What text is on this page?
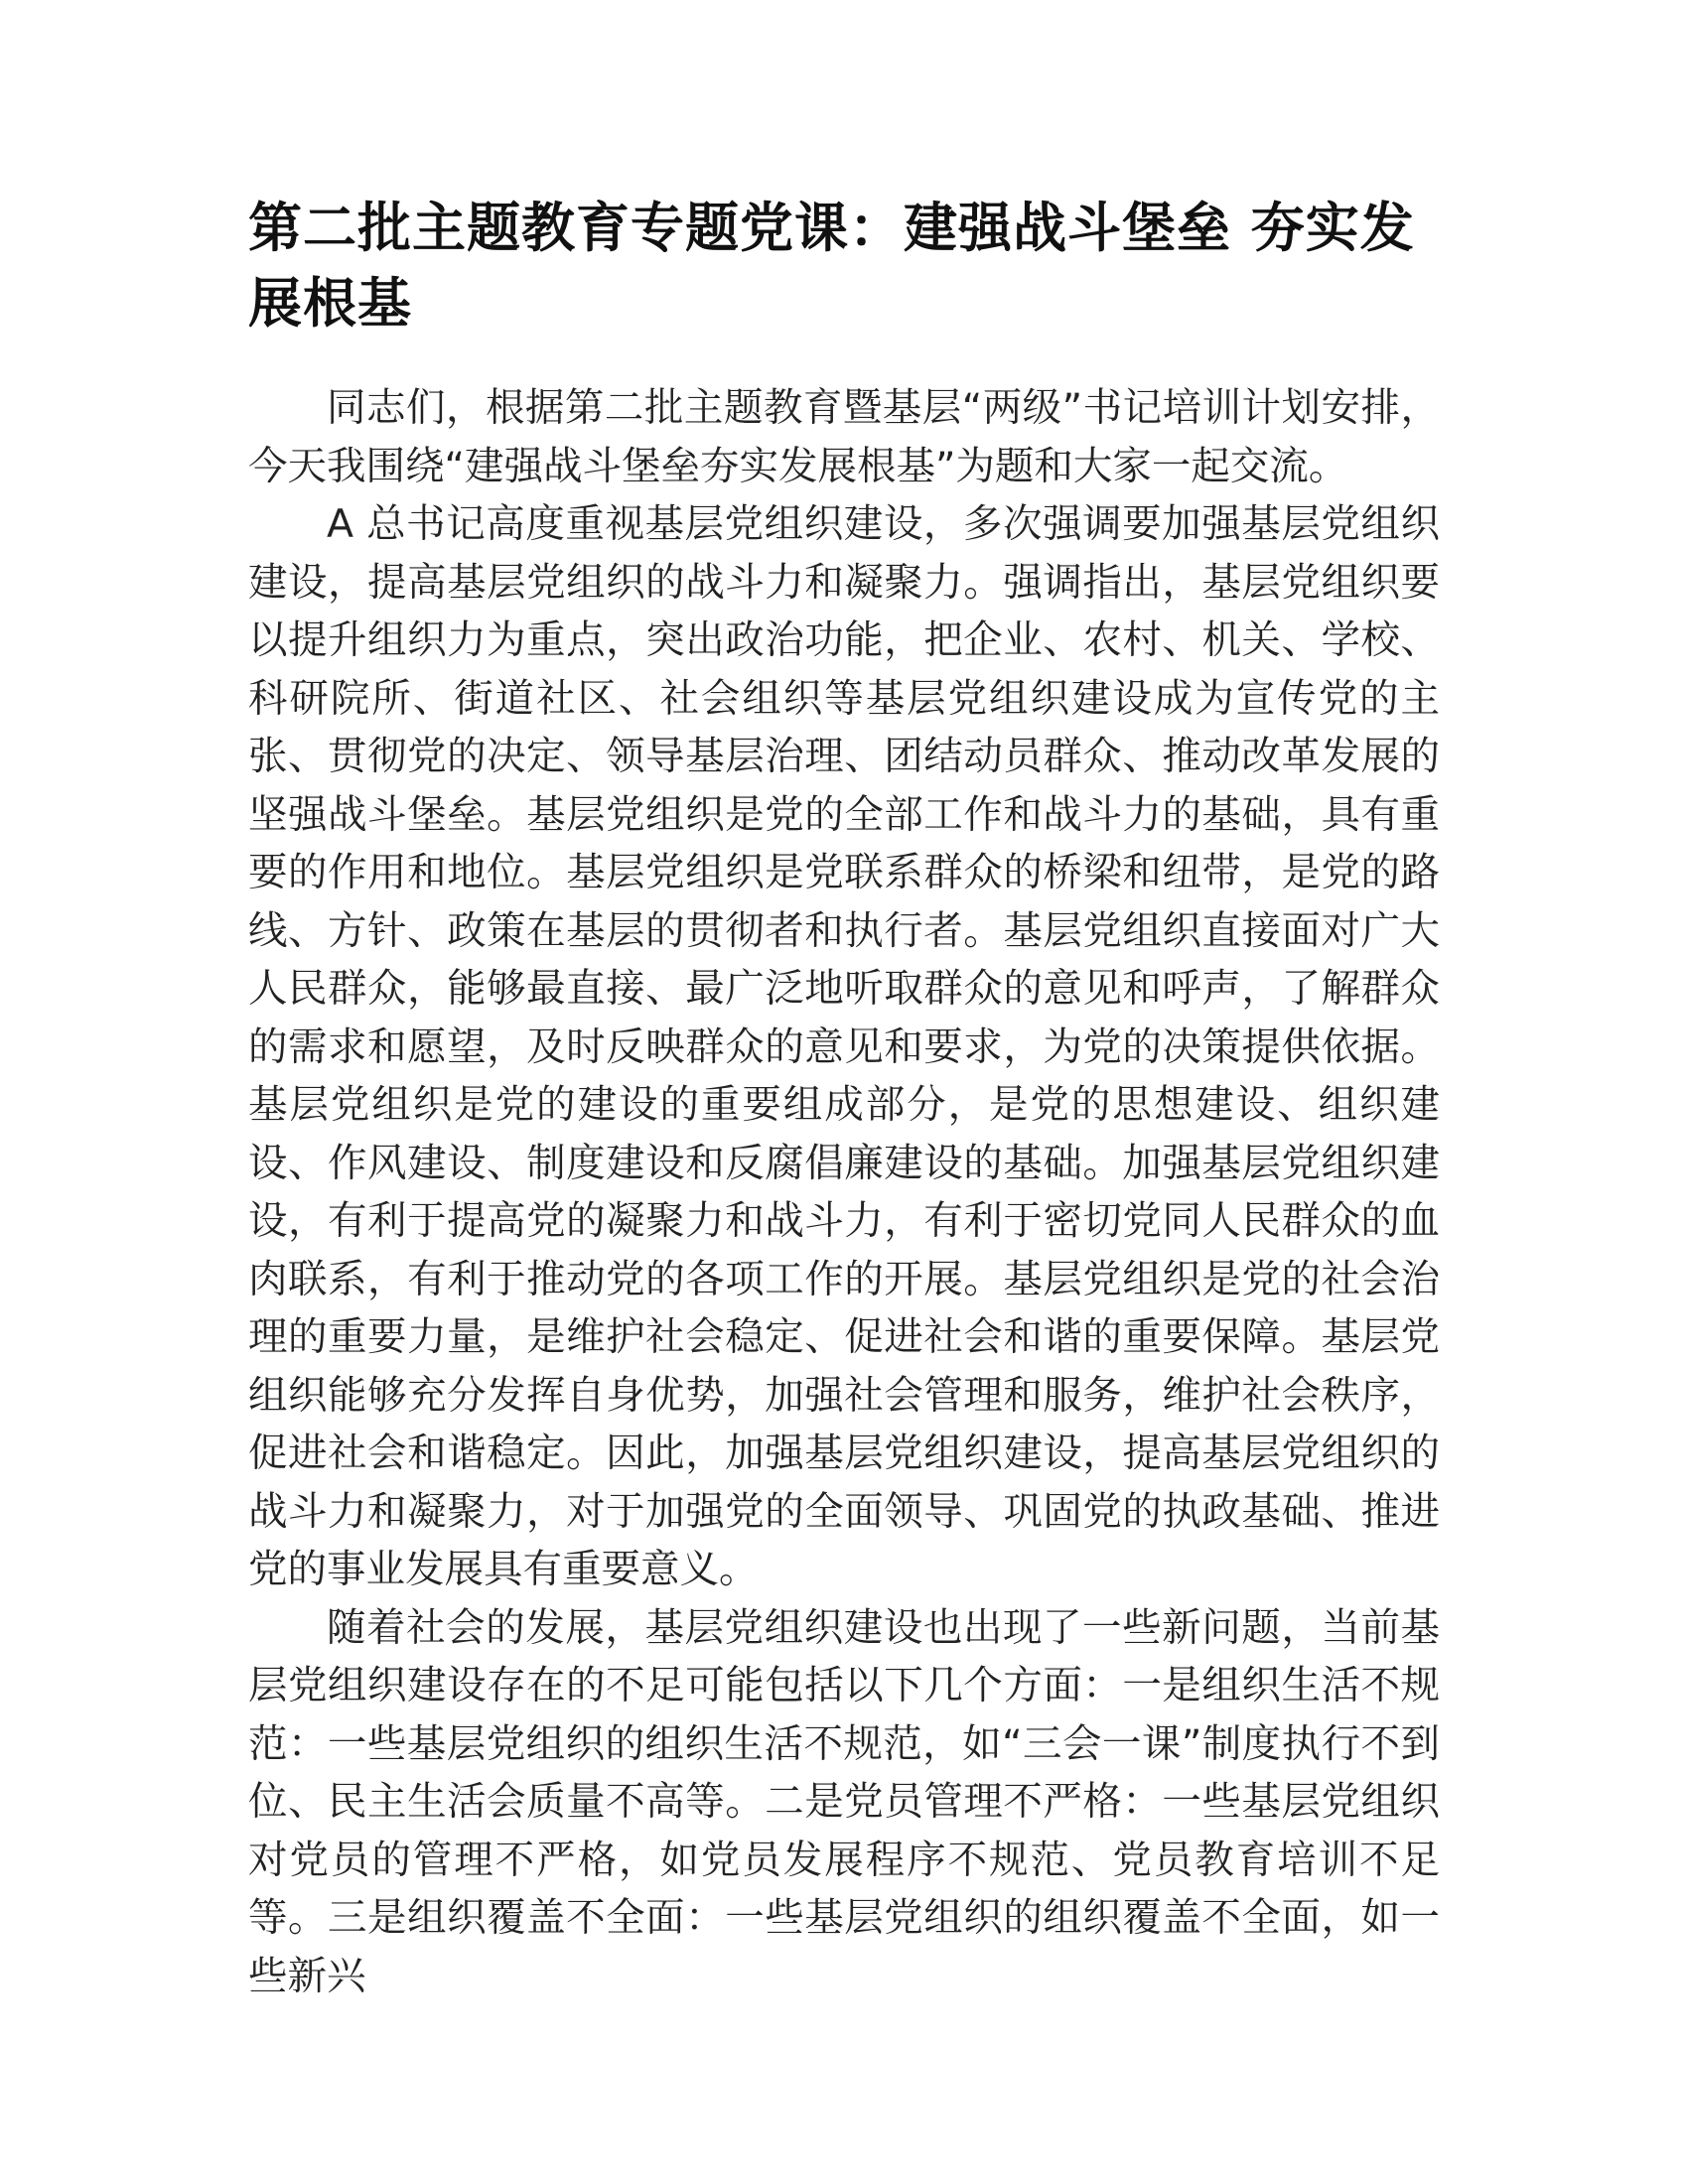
第二批主题教育专题党课：建强战斗堡垒 夯实发展根基

同志们，根据第二批主题教育暨基层“两级”书记培训计划安排，今天我围绕“建强战斗堡垒夯实发展根基”为题和大家一起交流。

A 总书记高度重视基层党组织建设，多次强调要加强基层党组织建设，提高基层党组织的战斗力和凝聚力。强调指出，基层党组织要以提升组织力为重点，突出政治功能，把企业、农村、机关、学校、科研院所、街道社区、社会组织等基层党组织建设成为宣传党的主张、贯彻党的决定、领导基层治理、团结动员群众、推动改革发展的坚强战斗堡垒。基层党组织是党的全部工作和战斗力的基础，具有重要的作用和地位。基层党组织是党联系群众的桥梁和纽带，是党的路线、方针、政策在基层的贯彻者和执行者。基层党组织直接面对广大人民群众，能够最直接、最广泛地听取群众的意见和呼声，了解群众的需求和愿望，及时反映群众的意见和要求，为党的决策提供依据。基层党组织是党的建设的重要组成部分，是党的思想建设、组织建设、作风建设、制度建设和反腐倡廉建设的基础。加强基层党组织建设，有利于提高党的凝聚力和战斗力，有利于密切党同人民群众的血肉联系，有利于推动党的各项工作的开展。基层党组织是党的社会治理的重要力量，是维护社会稳定、促进社会和谐的重要保障。基层党组织能够充分发挥自身优势，加强社会管理和服务，维护社会秩序，促进社会和谐稳定。因此，加强基层党组织建设，提高基层党组织的战斗力和凝聚力，对于加强党的全面领导、巩固党的执政基础、推进党的事业发展具有重要意义。

随着社会的发展，基层党组织建设也出现了一些新问题，当前基层党组织建设存在的不足可能包括以下几个方面：一是组织生活不规范：一些基层党组织的组织生活不规范，如“三会一课”制度执行不到位、民主生活会质量不高等。二是党员管理不严格：一些基层党组织对党员的管理不严格，如党员发展程序不规范、党员教育培训不足等。三是组织覆盖不全面：一些基层党组织的组织覆盖不全面，如一些新兴
